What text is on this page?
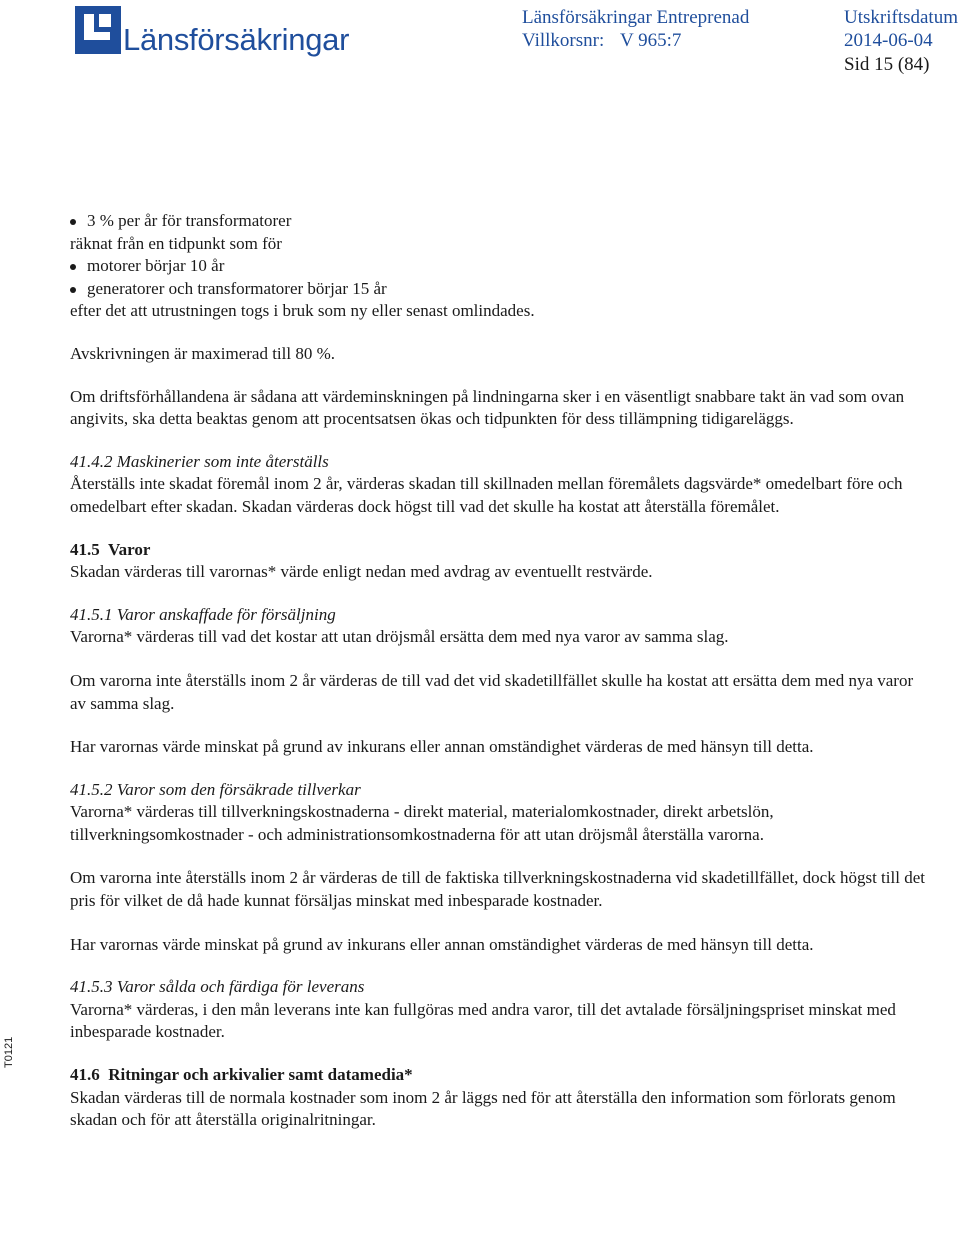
Länsförsäkringar
Länsförsäkringar Entreprenad
Villkorsnr: V 965:7
Utskriftsdatum
2014-06-04
Sid 15 (84)
T0121
3 % per år för transformatorer
räknat från en tidpunkt som för
motorer börjar 10 år
generatorer och transformatorer börjar 15 år
efter det att utrustningen togs i bruk som ny eller senast omlindades.

Avskrivningen är maximerad till 80 %.

Om driftsförhållandena är sådana att värdeminskningen på lindningarna sker i en väsentligt snabbare takt än vad som ovan angivits, ska detta beaktas genom att procentsatsen ökas och tidpunkten för dess tillämpning tidigareläggs.

41.4.2 Maskinerier som inte återställs

Återställs inte skadat föremål inom 2 år, värderas skadan till skillnaden mellan föremålets dagsvärde* omedelbart före och omedelbart efter skadan. Skadan värderas dock högst till vad det skulle ha kostat att återställa föremålet.

41.5 Varor

Skadan värderas till varornas* värde enligt nedan med avdrag av eventuellt restvärde.

41.5.1 Varor anskaffade för försäljning

Varorna* värderas till vad det kostar att utan dröjsmål ersätta dem med nya varor av samma slag.

Om varorna inte återställs inom 2 år värderas de till vad det vid skadetillfället skulle ha kostat att ersätta dem med nya varor av samma slag.

Har varornas värde minskat på grund av inkurans eller annan omständighet värderas de med hänsyn till detta.

41.5.2 Varor som den försäkrade tillverkar

Varorna* värderas till tillverkningskostnaderna - direkt material, materialomkostnader, direkt arbetslön, tillverkningsomkostnader - och administrationsomkostnaderna för att utan dröjsmål återställa varorna.

Om varorna inte återställs inom 2 år värderas de till de faktiska tillverkningskostnaderna vid skadetillfället, dock högst till det pris för vilket de då hade kunnat försäljas minskat med inbesparade kostnader.

Har varornas värde minskat på grund av inkurans eller annan omständighet värderas de med hänsyn till detta.

41.5.3 Varor sålda och färdiga för leverans

Varorna* värderas, i den mån leverans inte kan fullgöras med andra varor, till det avtalade försäljningspriset minskat med inbesparade kostnader.

41.6 Ritningar och arkivalier samt datamedia*

Skadan värderas till de normala kostnader som inom 2 år läggs ned för att återställa den information som förlorats genom skadan och för att återställa originalritningar.
